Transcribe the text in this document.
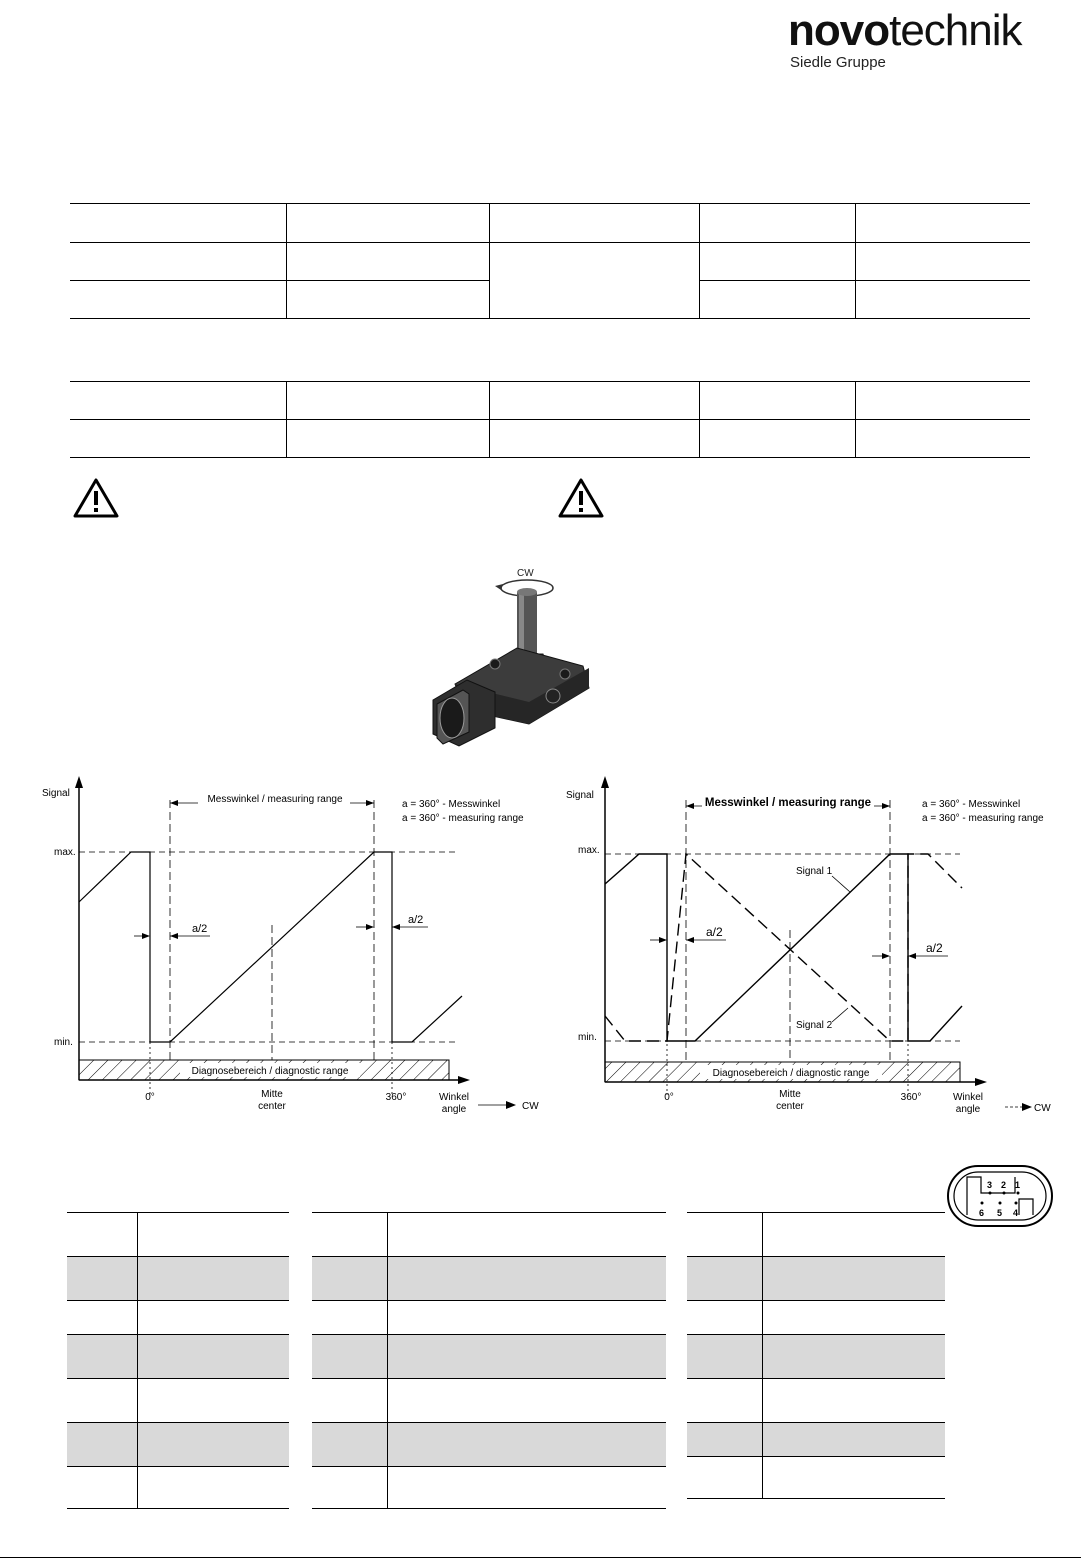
novotechnik
Siedle Gruppe

CW
Diagnosebereich / diagnostic range
Messwinkel / measuring range	a = 360° - Messwinkel
a = 360° - measuring range
a/2
a/2
Signal
max.
min.
0°	Mitte center
360°	Winkel angle	CW
Diagnosebereich / diagnostic range
Messwinkel / measuring range	a = 360° - Messwinkel
a = 360° - measuring range
Signal 1
Signal 2
a/2
a/2
Signal
max.
min.
0°	Mitte center
360°	Winkel angle	CW
3 2 1
6 5 4
